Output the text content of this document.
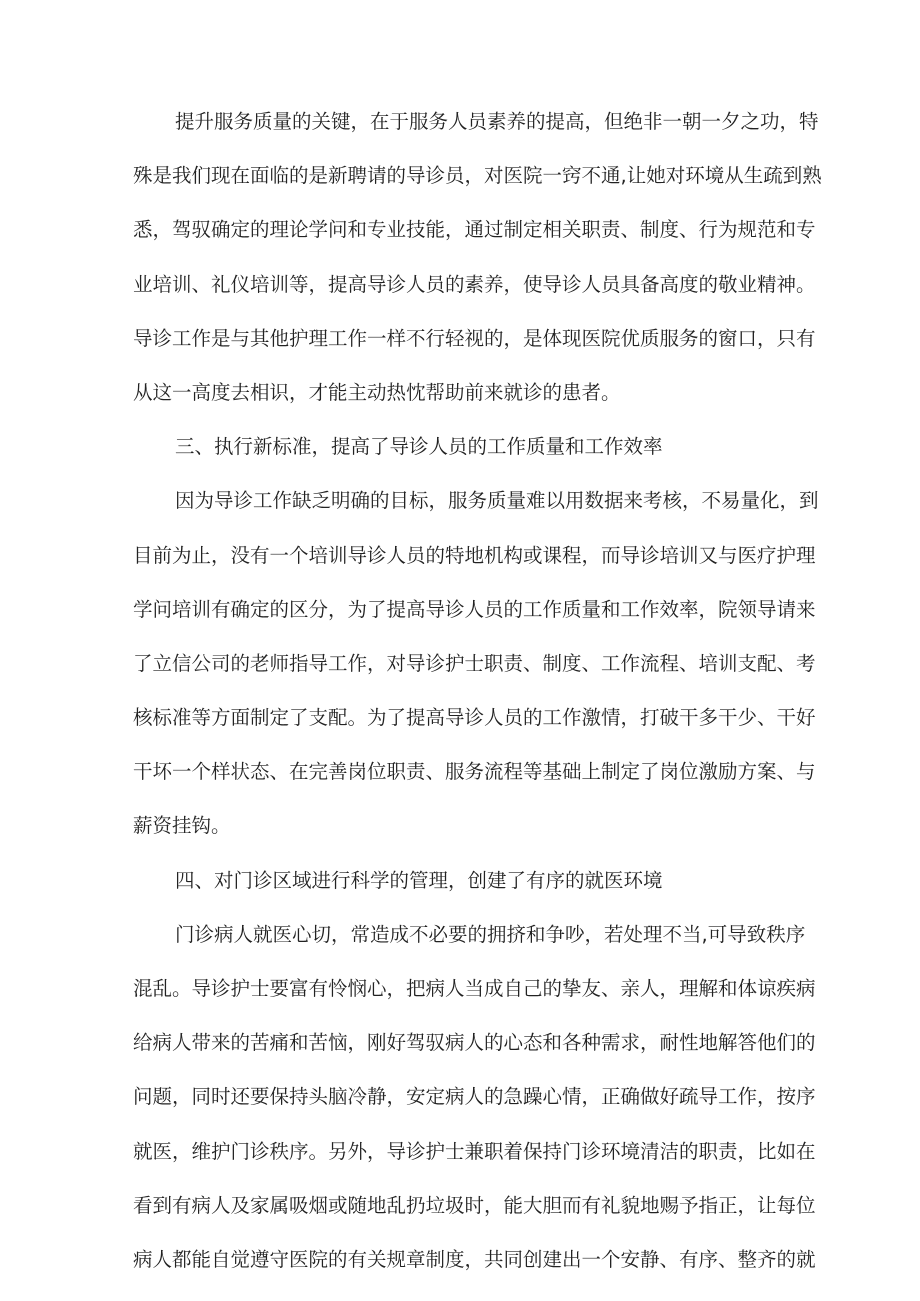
提升服务质量的关键，在于服务人员素养的提高，但绝非一朝一夕之功，特
殊是我们现在面临的是新聘请的导诊员，对医院一窍不通,让她对环境从生疏到熟
悉，驾驭确定的理论学问和专业技能，通过制定相关职责、制度、行为规范和专
业培训、礼仪培训等，提高导诊人员的素养，使导诊人员具备高度的敬业精神。
导诊工作是与其他护理工作一样不行轻视的，是体现医院优质服务的窗口，只有
从这一高度去相识，才能主动热忱帮助前来就诊的患者。
三、执行新标准，提高了导诊人员的工作质量和工作效率
因为导诊工作缺乏明确的目标，服务质量难以用数据来考核，不易量化，到
目前为止，没有一个培训导诊人员的特地机构或课程，而导诊培训又与医疗护理
学问培训有确定的区分，为了提高导诊人员的工作质量和工作效率，院领导请来
了立信公司的老师指导工作，对导诊护士职责、制度、工作流程、培训支配、考
核标准等方面制定了支配。为了提高导诊人员的工作激情，打破干多干少、干好
干坏一个样状态、在完善岗位职责、服务流程等基础上制定了岗位激励方案、与
薪资挂钩。
四、对门诊区域进行科学的管理，创建了有序的就医环境
门诊病人就医心切，常造成不必要的拥挤和争吵，若处理不当,可导致秩序
混乱。导诊护士要富有怜悯心，把病人当成自己的挚友、亲人，理解和体谅疾病
给病人带来的苦痛和苦恼，刚好驾驭病人的心态和各种需求，耐性地解答他们的
问题，同时还要保持头脑冷静，安定病人的急躁心情，正确做好疏导工作，按序
就医，维护门诊秩序。另外，导诊护士兼职着保持门诊环境清洁的职责，比如在
看到有病人及家属吸烟或随地乱扔垃圾时，能大胆而有礼貌地赐予指正，让每位
病人都能自觉遵守医院的有关规章制度，共同创建出一个安静、有序、整齐的就
